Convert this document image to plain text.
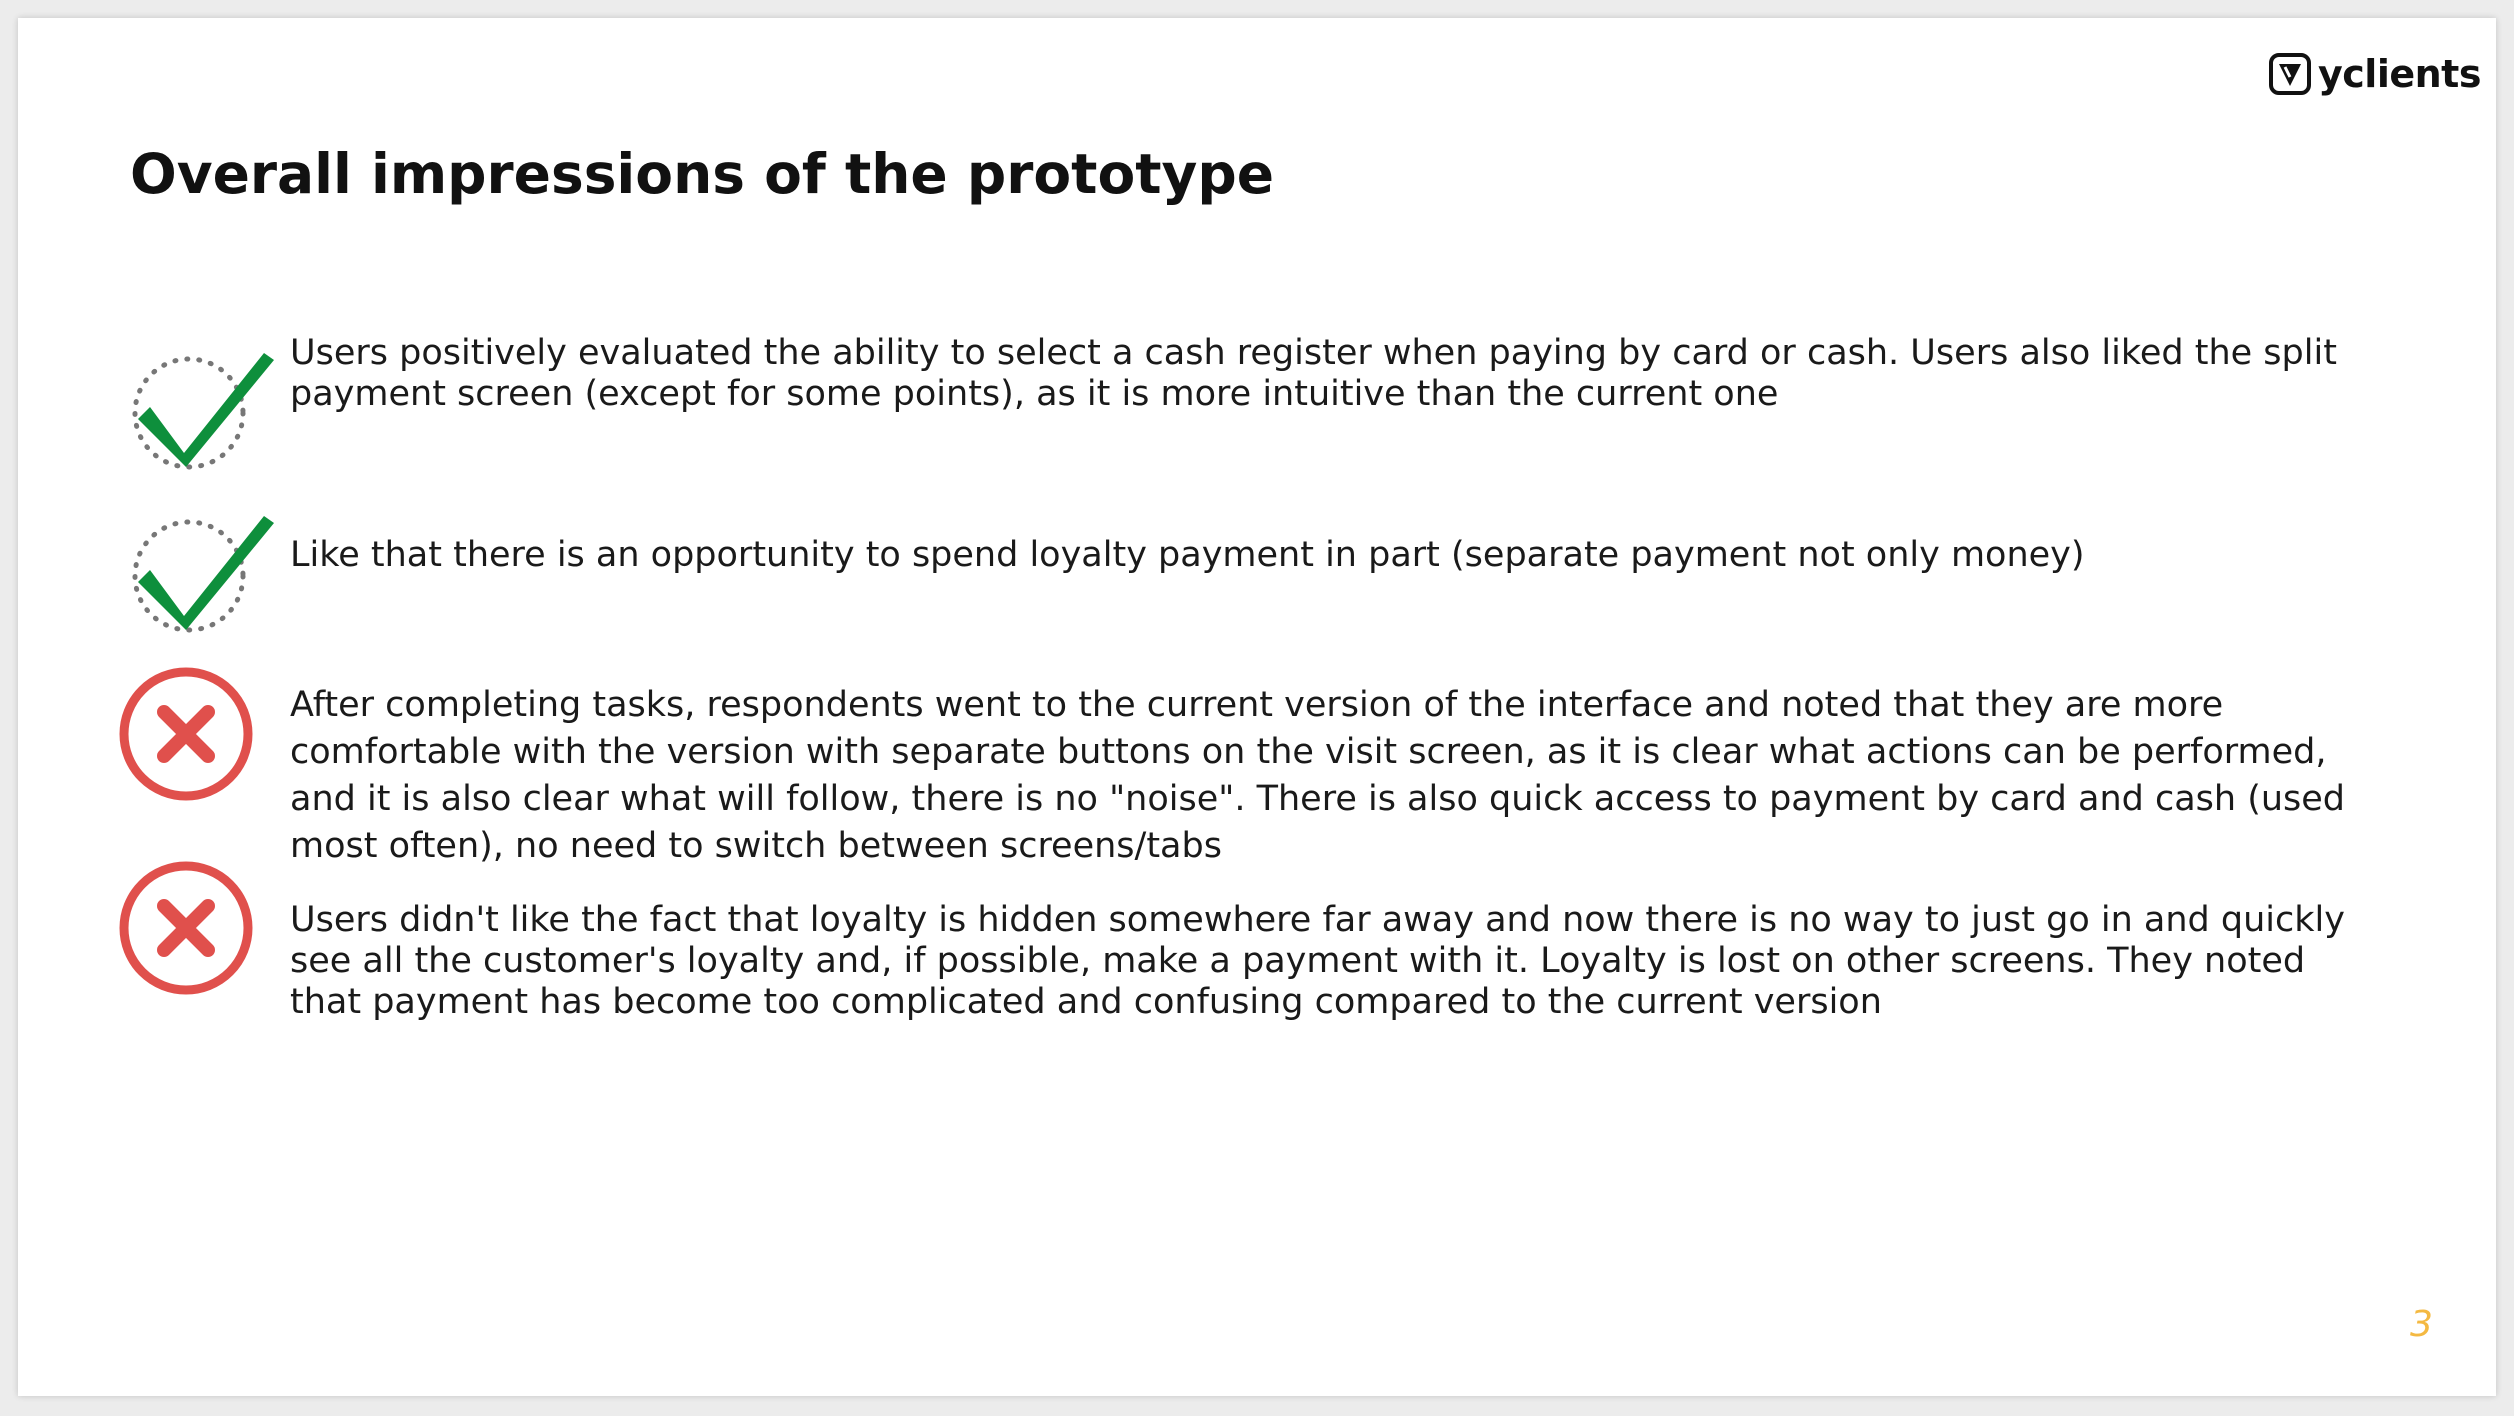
yclients
Overall impressions of the prototype

Users positively evaluated the ability to select a cash register when paying by card or cash. Users also liked the split payment screen (except for some points), as it is more intuitive than the current one

Like that there is an opportunity to spend loyalty payment in part (separate payment not only money)

After completing tasks, respondents went to the current version of the interface and noted that they are more comfortable with the version with separate buttons on the visit screen, as it is clear what actions can be performed, and it is also clear what will follow, there is no "noise". There is also quick access to payment by card and cash (used most often), no need to switch between screens/tabs

Users didn't like the fact that loyalty is hidden somewhere far away and now there is no way to just go in and quickly see all the customer's loyalty and, if possible, make a payment with it. Loyalty is lost on other screens. They noted that payment has become too complicated and confusing compared to the current version

3
